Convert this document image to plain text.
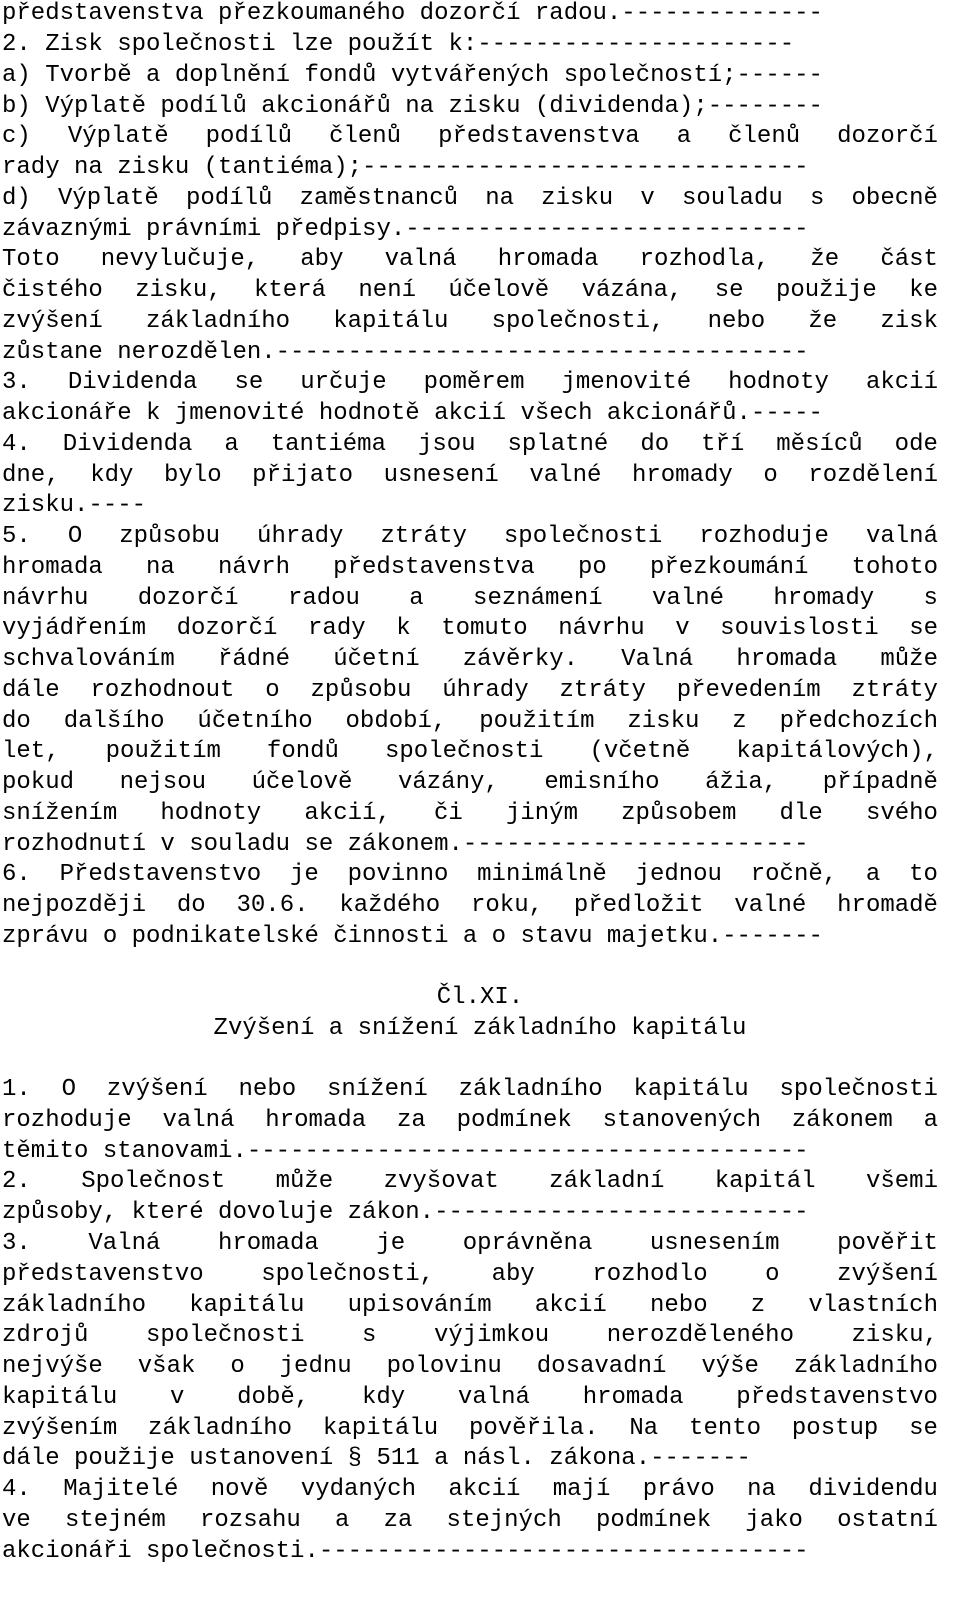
představenstva přezkoumaného dozorčí radou.--------------
2. Zisk společnosti lze použít k:----------------------
a) Tvorbě a doplnění fondů vytvářených společností;------
b) Výplatě podílů akcionářů na zisku (dividenda);--------
c) Výplatě podílů členů představenstva a členů dozorčí
rady na zisku (tantiéma);-------------------------------
d) Výplatě podílů zaměstnanců na zisku v souladu s obecně
závaznými právními předpisy.----------------------------
Toto nevylučuje, aby valná hromada rozhodla, že část
čistého zisku, která není účelově vázána, se použije ke
zvýšení základního kapitálu společnosti, nebo že zisk
zůstane nerozdělen.-------------------------------------
3. Dividenda se určuje poměrem jmenovité hodnoty akcií
akcionáře k jmenovité hodnotě akcií všech akcionářů.-----
4. Dividenda a tantiéma jsou splatné do tří měsíců ode
dne, kdy bylo přijato usnesení valné hromady o rozdělení
zisku.----
5. O způsobu úhrady ztráty společnosti rozhoduje valná
hromada na návrh představenstva po přezkoumání tohoto
návrhu dozorčí radou a seznámení valné hromady s
vyjádřením dozorčí rady k tomuto návrhu v souvislosti se
schvalováním řádné účetní závěrky. Valná hromada může
dále rozhodnout o způsobu úhrady ztráty převedením ztráty
do dalšího účetního období, použitím zisku z předchozích
let, použitím fondů společnosti (včetně kapitálových),
pokud nejsou účelově vázány, emisního ážia, případně
snížením hodnoty akcií, či jiným způsobem dle svého
rozhodnutí v souladu se zákonem.------------------------
6. Představenstvo je povinno minimálně jednou ročně, a to
nejpozději do 30.6. každého roku, předložit valné hromadě
zprávu o podnikatelské činnosti a o stavu majetku.-------
Čl.XI.
Zvýšení a snížení základního kapitálu
1. O zvýšení nebo snížení základního kapitálu společnosti
rozhoduje valná hromada za podmínek stanovených zákonem a
těmito stanovami.---------------------------------------
2. Společnost může zvyšovat základní kapitál všemi
způsoby, které dovoluje zákon.--------------------------
3. Valná hromada je oprávněna usnesením pověřit
představenstvo společnosti, aby rozhodlo o zvýšení
základního kapitálu upisováním akcií nebo z vlastních
zdrojů společnosti s výjimkou nerozděleného zisku,
nejvýše však o jednu polovinu dosavadní výše základního
kapitálu v době, kdy valná hromada představenstvo
zvýšením základního kapitálu pověřila. Na tento postup se
dále použije ustanovení § 511 a násl. zákona.-------
4. Majitelé nově vydaných akcií mají právo na dividendu
ve stejném rozsahu a za stejných podmínek jako ostatní
akcionáři společnosti.----------------------------------
